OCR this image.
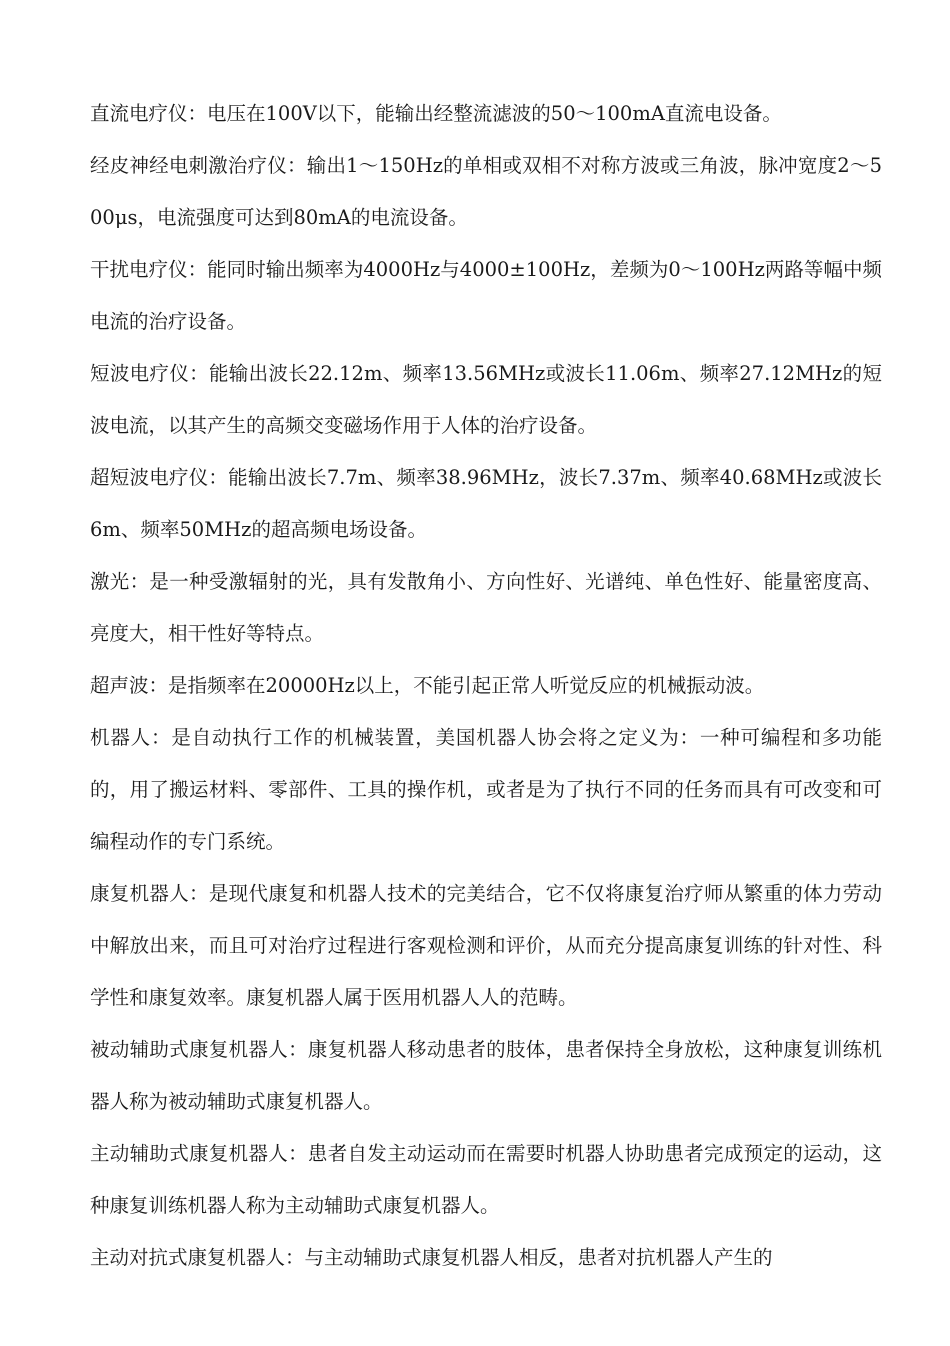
直流电疗仪：电压在100V以下，能输出经整流滤波的50～100mA直流电设备。

经皮神经电刺激治疗仪：输出1～150Hz的单相或双相不对称方波或三角波，脉冲宽度2～500μs，电流强度可达到80mA的电流设备。

干扰电疗仪：能同时输出频率为4000Hz与4000±100Hz，差频为0～100Hz两路等幅中频电流的治疗设备。

短波电疗仪：能输出波长22.12m、频率13.56MHz或波长11.06m、频率27.12MHz的短波电流，以其产生的高频交变磁场作用于人体的治疗设备。

超短波电疗仪：能输出波长7.7m、频率38.96MHz，波长7.37m、频率40.68MHz或波长6m、频率50MHz的超高频电场设备。

激光：是一种受激辐射的光，具有发散角小、方向性好、光谱纯、单色性好、能量密度高、亮度大，相干性好等特点。

超声波：是指频率在20000Hz以上，不能引起正常人听觉反应的机械振动波。

机器人：是自动执行工作的机械装置，美国机器人协会将之定义为：一种可编程和多功能的，用了搬运材料、零部件、工具的操作机，或者是为了执行不同的任务而具有可改变和可编程动作的专门系统。

康复机器人：是现代康复和机器人技术的完美结合，它不仅将康复治疗师从繁重的体力劳动中解放出来，而且可对治疗过程进行客观检测和评价，从而充分提高康复训练的针对性、科学性和康复效率。康复机器人属于医用机器人人的范畴。

被动辅助式康复机器人：康复机器人移动患者的肢体，患者保持全身放松，这种康复训练机器人称为被动辅助式康复机器人。

主动辅助式康复机器人：患者自发主动运动而在需要时机器人协助患者完成预定的运动，这种康复训练机器人称为主动辅助式康复机器人。

主动对抗式康复机器人：与主动辅助式康复机器人相反，患者对抗机器人产生的
